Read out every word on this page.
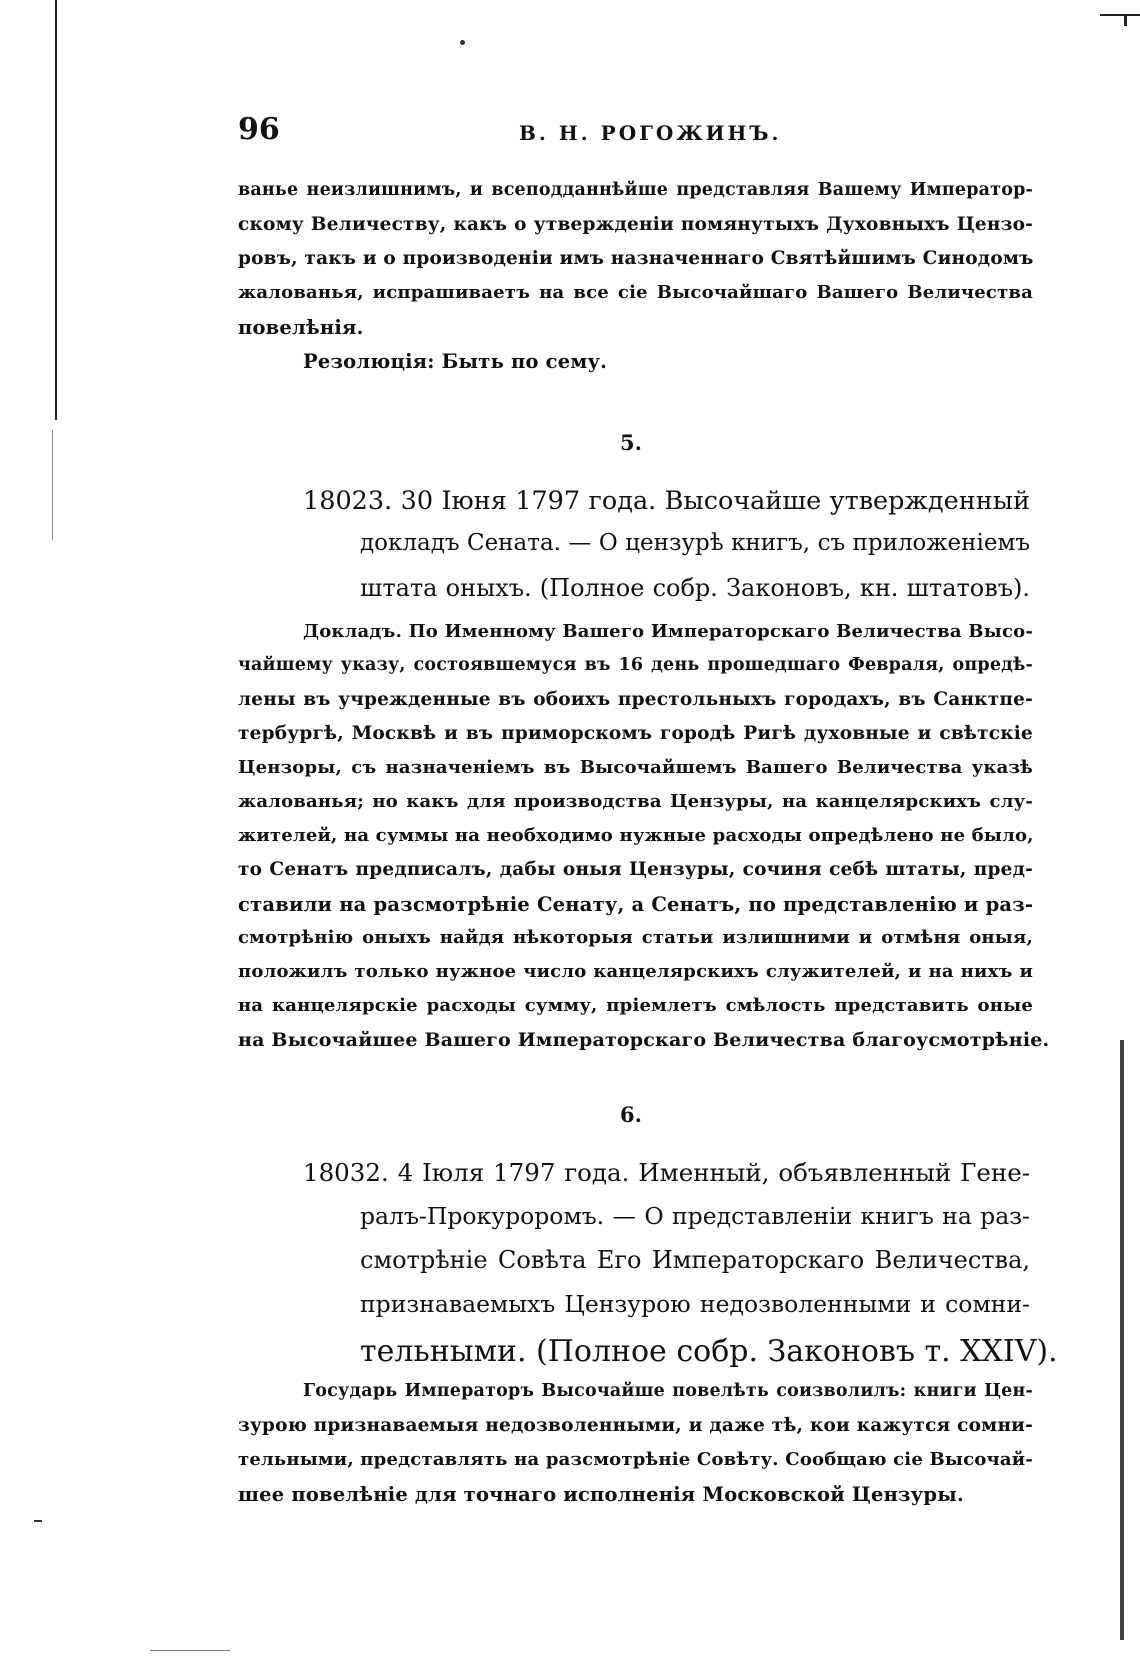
96	В. Н. РОГОЖИНЪ.
ванье неизлишнимъ, и всеподданнѣйше представляя Вашему Император-
скому Величеству, какъ о утвержденіи помянутыхъ Духовныхъ Цензо-
ровъ, такъ и о производеніи имъ назначеннаго Святѣйшимъ Синодомъ
жалованья, испрашиваетъ на все сіе Высочайшаго Вашего Величества
повелѣнія.
Резолюція: Быть по сему.
5.
18023. 30 Іюня 1797 года. Высочайше утвержденный
докладъ Сената. — О цензурѣ книгъ, съ приложеніемъ
штата оныхъ. (Полное собр. Законовъ, кн. штатовъ).
Докладъ. По Именному Вашего Императорскаго Величества Высо-
чайшему указу, состоявшемуся въ 16 день прошедшаго Февраля, опредѣ-
лены въ учрежденные въ обоихъ престольныхъ городахъ, въ Санктпе-
тербургѣ, Москвѣ и въ приморскомъ городѣ Ригѣ духовные и свѣтскіе
Цензоры, съ назначеніемъ въ Высочайшемъ Вашего Величества указѣ
жалованья; но какъ для производства Цензуры, на канцелярскихъ слу-
жителей, на суммы на необходимо нужные расходы опредѣлено не было,
то Сенатъ предписалъ, дабы оныя Цензуры, сочиня себѣ штаты, пред-
ставили на разсмотрѣніе Сенату, а Сенатъ, по представленію и раз-
смотрѣнію оныхъ найдя нѣкоторыя статьи излишними и отмѣня оныя,
положилъ только нужное число канцелярскихъ служителей, и на нихъ и
на канцелярскіе расходы сумму, пріемлетъ смѣлость представить оные
на Высочайшее Вашего Императорскаго Величества благоусмотрѣніе.
6.
18032. 4 Іюля 1797 года. Именный, объявленный Гене-
ралъ-Прокуроромъ. — О представленіи книгъ на раз-
смотрѣніе Совѣта Его Императорскаго Величества,
признаваемыхъ Цензурою недозволенными и сомни-
тельными. (Полное собр. Законовъ т. XXIV).
Государь Императоръ Высочайше повелѣть соизволилъ: книги Цен-
зурою признаваемыя недозволенными, и даже тѣ, кои кажутся сомни-
тельными, представлять на разсмотрѣніе Совѣту. Сообщаю сіе Высочай-
шее повелѣніе для точнаго исполненія Московской Цензуры.
